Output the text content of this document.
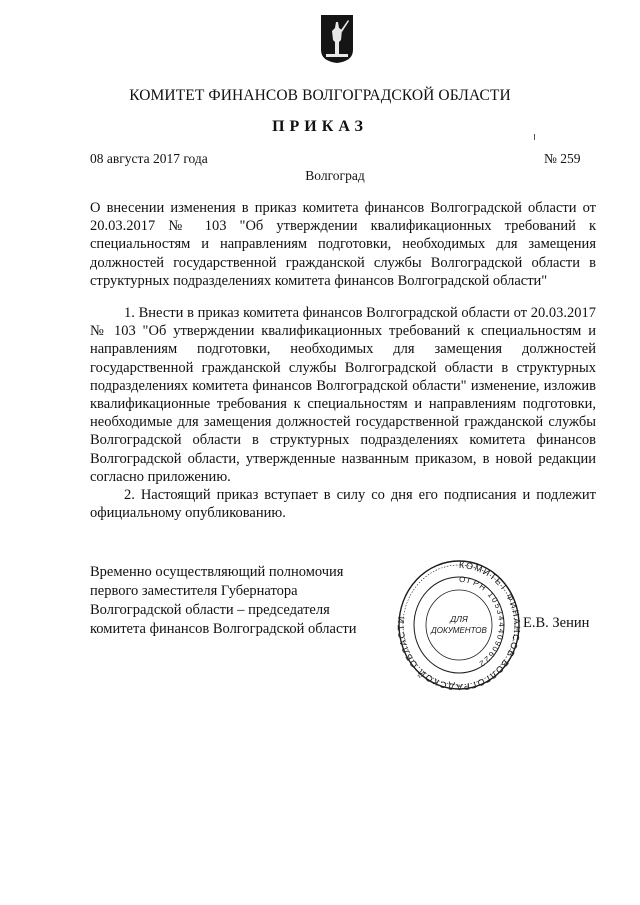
КОМИТЕТ ФИНАНСОВ ВОЛГОГРАДСКОЙ ОБЛАСТИ
ПРИКАЗ
08 августа 2017 года	№ 259
Волгоград
О внесении изменения в приказ комитета финансов Волгоградской области от 20.03.2017 № 103 "Об утверждении квалификационных требований к специальностям и направлениям подготовки, необходимых для замещения должностей государственной гражданской службы Волгоградской области в структурных подразделениях комитета финансов Волгоградской области"

1. Внести в приказ комитета финансов Волгоградской области от 20.03.2017 № 103 "Об утверждении квалификационных требований к специальностям и направлениям подготовки, необходимых для замещения должностей государственной гражданской службы Волгоградской области в структурных подразделениях комитета финансов Волгоградской области" изменение, изложив квалификационные требования к специальностям и направлениям подготовки, необходимые для замещения должностей государственной гражданской службы Волгоградской области в структурных подразделениях комитета финансов Волгоградской области, утвержденные названным приказом, в новой редакции согласно приложению.

2. Настоящий приказ вступает в силу со дня его подписания и подлежит официальному опубликованию.

Временно осуществляющий полномочия
первого заместителя Губернатора
Волгоградской области – председателя
комитета финансов Волгоградской области
КОМИТЕТ ФИНАНСОВ ВОЛГОГРАДСКОЙ ОБЛАСТИ
ОГРН 1053444090622
ДЛЯ
ДОКУМЕНТОВ Е.В. Зенин
